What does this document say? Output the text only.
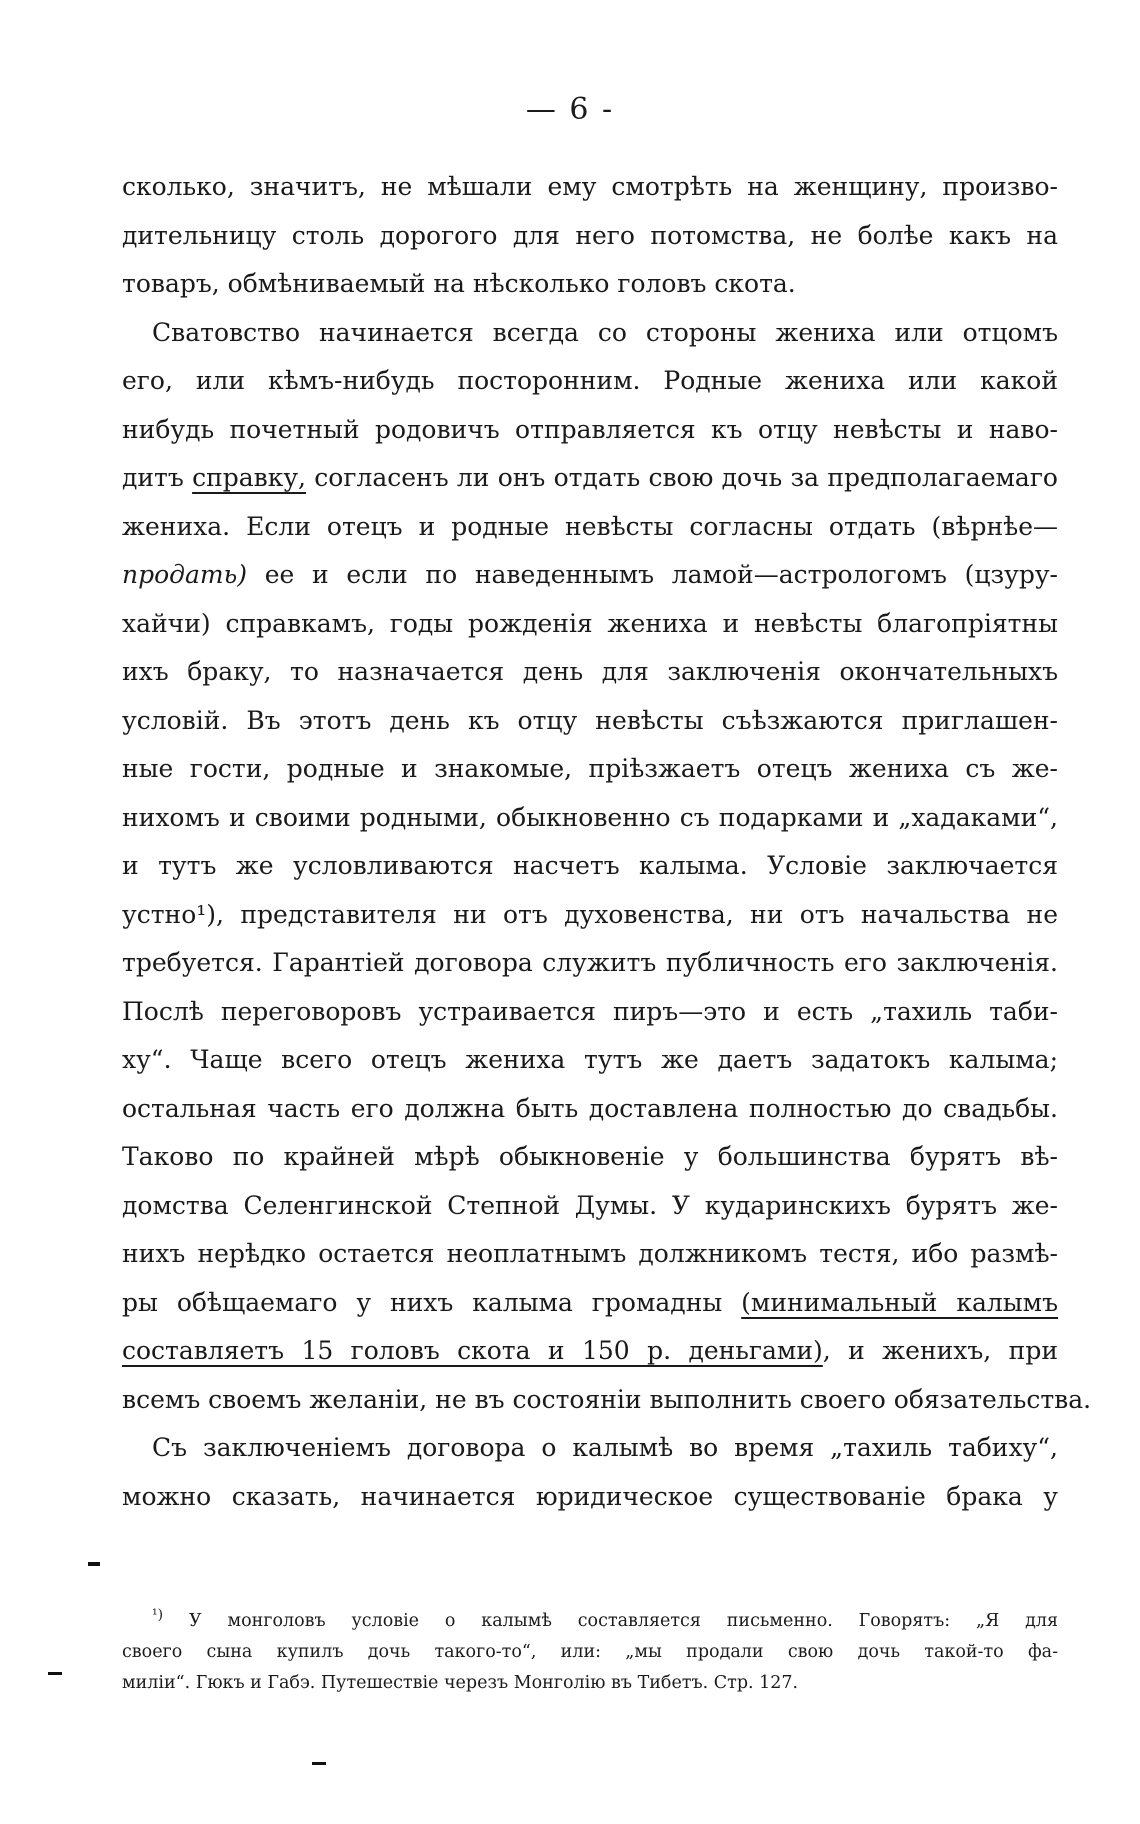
— 6 -
сколько, значитъ, не мѣшали ему смотрѣть на женщину, произво-
дительницу столь дорогого для него потомства, не болѣе какъ на
товаръ, обмѣниваемый на нѣсколько головъ скота.
Сватовство начинается всегда со стороны жениха или отцомъ
его, или кѣмъ-нибудь посторонним. Родные жениха или какой
нибудь почетный родовичъ отправляется къ отцу невѣсты и наво-
дитъ справку, согласенъ ли онъ отдать свою дочь за предполагаемаго
жениха. Если отецъ и родные невѣсты согласны отдать (вѣрнѣе—
продать) ее и если по наведеннымъ ламой—астрологомъ (цзуру-
хайчи) справкамъ, годы рожденія жениха и невѣсты благопріятны
ихъ браку, то назначается день для заключенія окончательныхъ
условій. Въ этотъ день къ отцу невѣсты съѣзжаются приглашен-
ные гости, родные и знакомые, пріѣзжаетъ отецъ жениха съ же-
нихомъ и своими родными, обыкновенно съ подарками и „хадаками“,
и тутъ же условливаются насчетъ калыма. Условіе заключается
устно¹), представителя ни отъ духовенства, ни отъ начальства не
требуется. Гарантіей договора служитъ публичность его заключенія.
Послѣ переговоровъ устраивается пиръ—это и есть „тахиль таби-
ху“. Чаще всего отецъ жениха тутъ же даетъ задатокъ калыма;
остальная часть его должна быть доставлена полностью до свадьбы.
Таково по крайней мѣрѣ обыкновеніе у большинства бурятъ вѣ-
домства Селенгинской Степной Думы. У кударинскихъ бурятъ же-
нихъ нерѣдко остается неоплатнымъ должникомъ тестя, ибо размѣ-
ры обѣщаемаго у нихъ калыма громадны (минимальный калымъ
составляетъ 15 головъ скота и 150 р. деньгами), и женихъ, при
всемъ своемъ желаніи, не въ состояніи выполнить своего обязательства.
Съ заключеніемъ договора о калымѣ во время „тахиль табиху“,
можно сказать, начинается юридическое существованіе брака у
$^{^1)}$ У монголовъ условіе о калымѣ составляется письменно. Говорятъ: „Я для
своего сына купилъ дочь такого-то“, или: „мы продали свою дочь такой-то фа-
милiи“. Гюкъ и Габэ. Путешествіе черезъ Монголію въ Тибетъ. Стр. 127.
